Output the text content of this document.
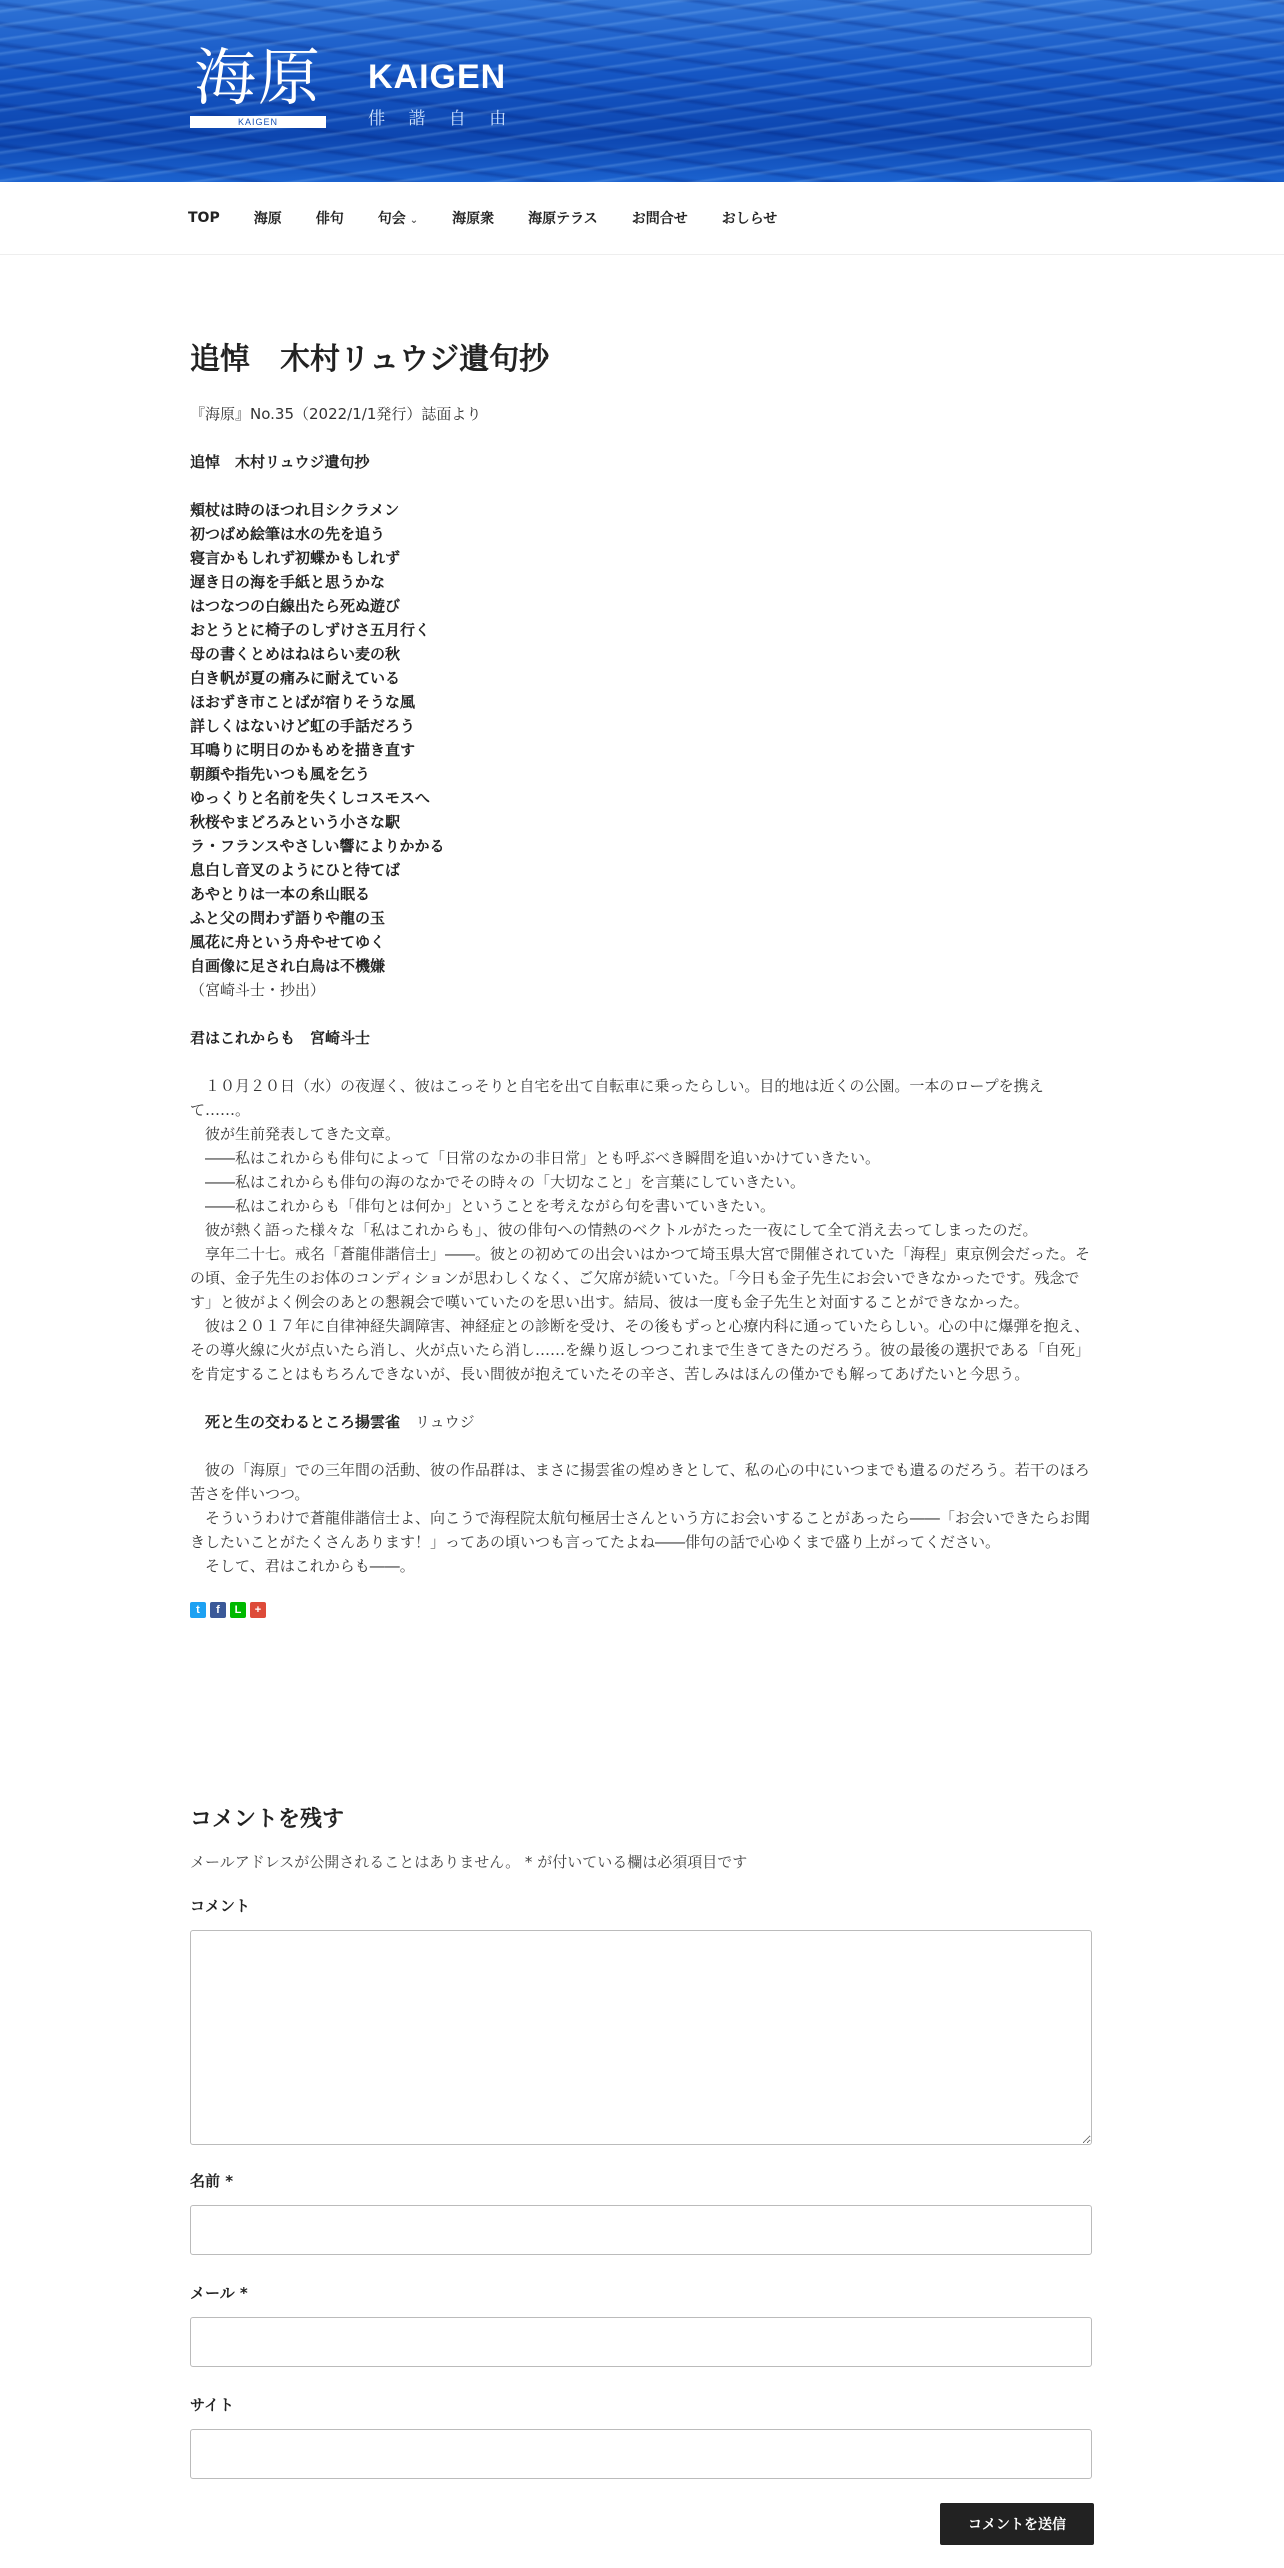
海原
KAIGEN
KAIGEN
俳 諧 自 由
TOP 海原 俳句 句会 ⌄ 海原衆 海原テラス お問合せ おしらせ
追悼　木村リュウジ遺句抄

『海原』No.35（2022/1/1発行）誌面より

追悼　木村リュウジ遺句抄

頬杖は時のほつれ目シクラメン

初つばめ絵筆は水の先を追う

寝言かもしれず初蝶かもしれず

遅き日の海を手紙と思うかな

はつなつの白線出たら死ぬ遊び

おとうとに椅子のしずけさ五月行く

母の書くとめはねはらい麦の秋

白き帆が夏の痛みに耐えている

ほおずき市ことばが宿りそうな風

詳しくはないけど虹の手話だろう

耳鳴りに明日のかもめを描き直す

朝顔や指先いつも風を乞う

ゆっくりと名前を失くしコスモスへ

秋桜やまどろみという小さな駅

ラ・フランスやさしい響によりかかる

息白し音叉のようにひと待てば

あやとりは一本の糸山眠る

ふと父の問わず語りや龍の玉

風花に舟という舟やせてゆく

自画像に足され白鳥は不機嫌

（宮崎斗士・抄出）

君はこれからも　宮崎斗士

１０月２０日（水）の夜遅く、彼はこっそりと自宅を出て自転車に乗ったらしい。目的地は近くの公園。一本のロープを携えて……。

彼が生前発表してきた文章。

――私はこれからも俳句によって「日常のなかの非日常」とも呼ぶべき瞬間を追いかけていきたい。

――私はこれからも俳句の海のなかでその時々の「大切なこと」を言葉にしていきたい。

――私はこれからも「俳句とは何か」ということを考えながら句を書いていきたい。

彼が熱く語った様々な「私はこれからも」、彼の俳句への情熱のベクトルがたった一夜にして全て消え去ってしまったのだ。

享年二十七。戒名「蒼龍俳諧信士」――。彼との初めての出会いはかつて埼玉県大宮で開催されていた「海程」東京例会だった。その頃、金子先生のお体のコンディションが思わしくなく、ご欠席が続いていた。「今日も金子先生にお会いできなかったです。残念です」と彼がよく例会のあとの懇親会で嘆いていたのを思い出す。結局、彼は一度も金子先生と対面することができなかった。

彼は２０１７年に自律神経失調障害、神経症との診断を受け、その後もずっと心療内科に通っていたらしい。心の中に爆弾を抱え、その導火線に火が点いたら消し、火が点いたら消し……を繰り返しつつこれまで生きてきたのだろう。彼の最後の選択である「自死」を肯定することはもちろんできないが、長い間彼が抱えていたその辛さ、苦しみはほんの僅かでも解ってあげたいと今思う。

死と生の交わるところ揚雲雀　 リュウジ

彼の「海原」での三年間の活動、彼の作品群は、まさに揚雲雀の煌めきとして、私の心の中にいつまでも遺るのだろう。若干のほろ苦さを伴いつつ。

そういうわけで蒼龍俳諧信士よ、向こうで海程院太航句極居士さんという方にお会いすることがあったら――「お会いできたらお聞きしたいことがたくさんあります！」ってあの頃いつも言ってたよね――俳句の話で心ゆくまで盛り上がってください。

そして、君はこれからも――。

t	f	L	+
コメントを残す

メールアドレスが公開されることはありません。 * が付いている欄は必須項目です

コメント
名前 *
メール *
サイト
コメントを送信
